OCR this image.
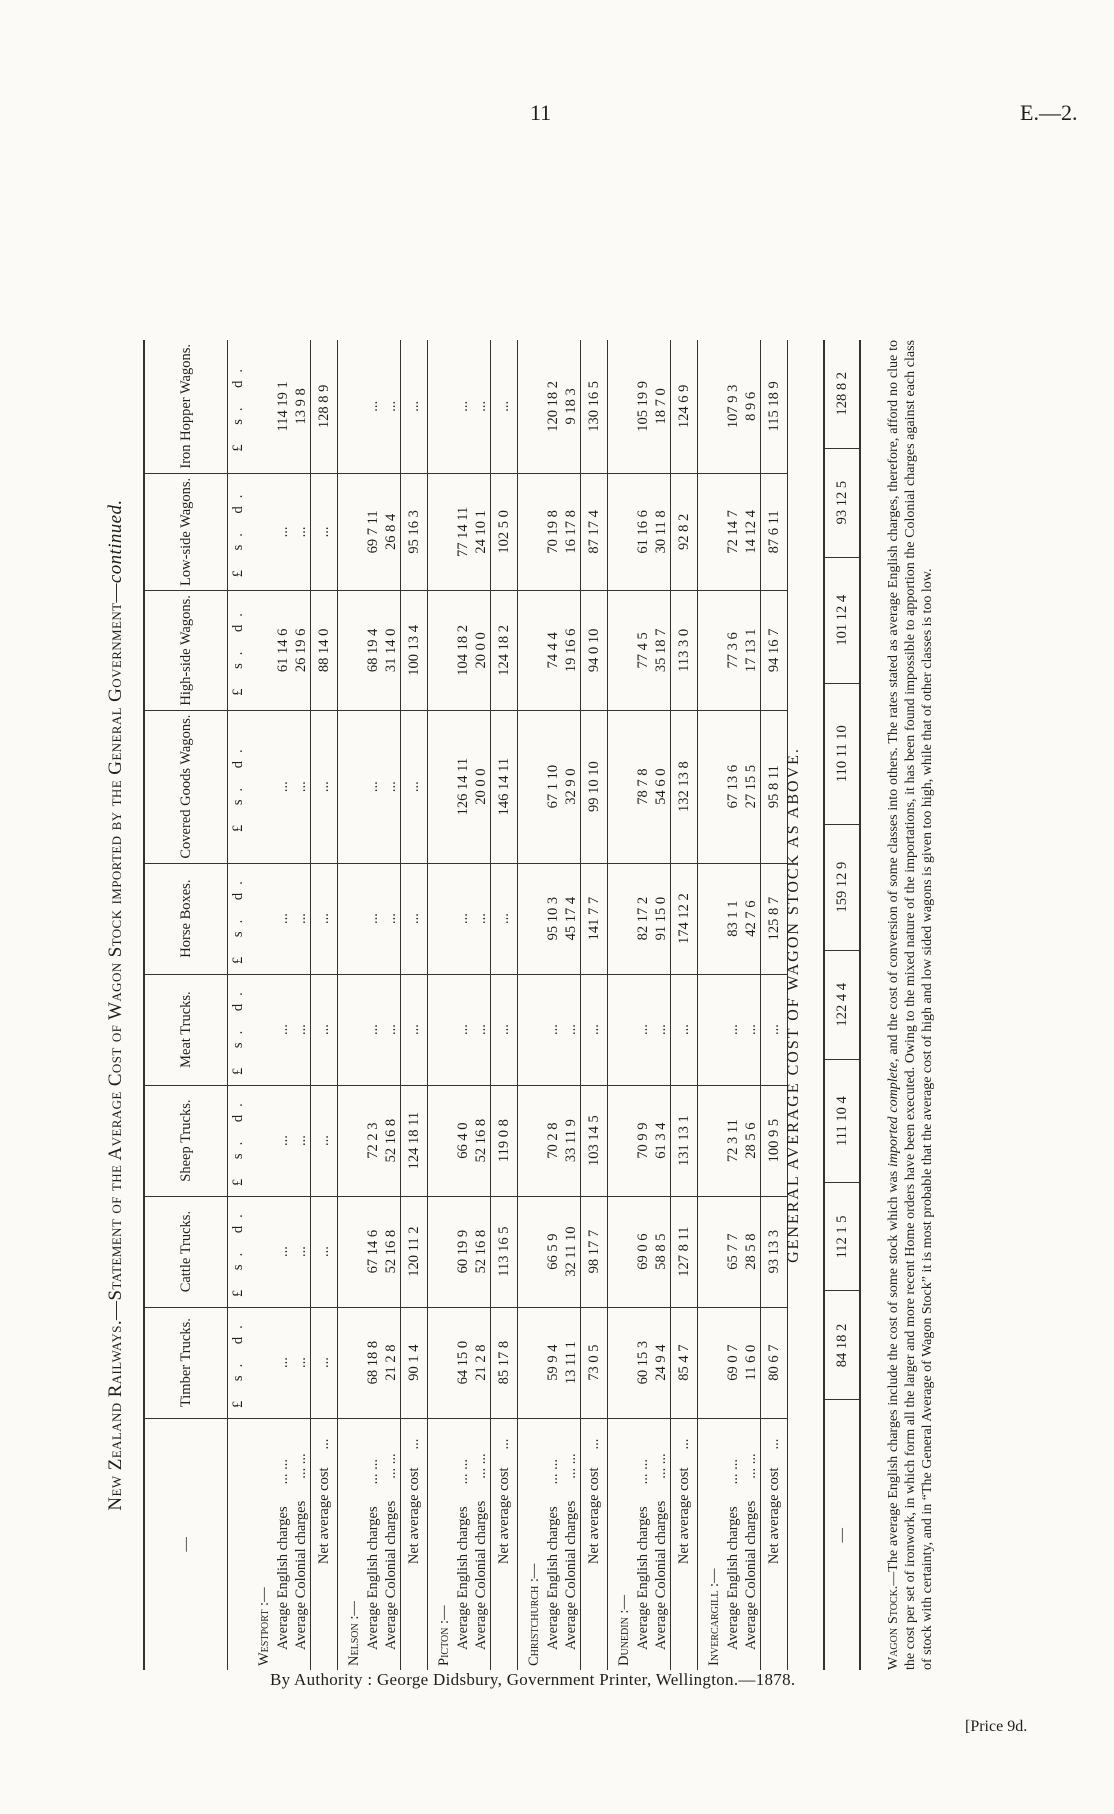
11	E.—2.
New Zealand Railways.—Statement of the Average Cost of Wagon Stock imported by the General Government—continued.
—	Timber Trucks.	Cattle Trucks.	Sheep Trucks.	Meat Trucks.	Horse Boxes.	Covered Goods Wagons.	High-side Wagons.	Low-side Wagons.	Iron Hopper Wagons.
	£ s. d.	£ s. d.	£ s. d.	£ s. d.	£ s. d.	£ s. d.	£ s. d.	£ s. d.	£ s. d.
Westport :—									
Average English charges... ...	...	...	...	...	...	...	61 14 6	...	114 19 1
Average Colonial charges... ...	...	...	...	...	...	...	26 19 6	...	13 9 8
Net average cost...	...	...	...	...	...	...	88 14 0	...	128 8 9
Nelson :—									
Average English charges... ...	68 18 8	67 14 6	72 2 3	...	...	...	68 19 4	69 7 11	...
Average Colonial charges... ...	21 2 8	52 16 8	52 16 8	...	...	...	31 14 0	26 8 4	...
Net average cost...	90 1 4	120 11 2	124 18 11	...	...	...	100 13 4	95 16 3	...
Picton :—									
Average English charges... ...	64 15 0	60 19 9	66 4 0	...	...	126 14 11	104 18 2	77 14 11	...
Average Colonial charges... ...	21 2 8	52 16 8	52 16 8	...	...	20 0 0	20 0 0	24 10 1	...
Net average cost...	85 17 8	113 16 5	119 0 8	...	...	146 14 11	124 18 2	102 5 0	...
Christchurch :—									
Average English charges... ...	59 9 4	66 5 9	70 2 8	...	95 10 3	67 1 10	74 4 4	70 19 8	120 18 2
Average Colonial charges... ...	13 11 1	32 11 10	33 11 9	...	45 17 4	32 9 0	19 16 6	16 17 8	9 18 3
Net average cost...	73 0 5	98 17 7	103 14 5	...	141 7 7	99 10 10	94 0 10	87 17 4	130 16 5
Dunedin :—									
Average English charges... ...	60 15 3	69 0 6	70 9 9	...	82 17 2	78 7 8	77 4 5	61 16 6	105 19 9
Average Colonial charges... ...	24 9 4	58 8 5	61 3 4	...	91 15 0	54 6 0	35 18 7	30 11 8	18 7 0
Net average cost...	85 4 7	127 8 11	131 13 1	...	174 12 2	132 13 8	113 3 0	92 8 2	124 6 9
Invercargill :—									
Average English charges... ...	69 0 7	65 7 7	72 3 11	...	83 1 1	67 13 6	77 3 6	72 14 7	107 9 3
Average Colonial charges... ...	11 6 0	28 5 8	28 5 6	...	42 7 6	27 15 5	17 13 1	14 12 4	8 9 6
Net average cost...	80 6 7	93 13 3	100 9 5	...	125 8 7	95 8 11	94 16 7	87 6 11	115 18 9
GENERAL AVERAGE COST OF WAGON STOCK AS ABOVE.
—	84 18 2	112 1 5	111 10 4	122 4 4	159 12 9	110 11 10	101 12 4	93 12 5	128 8 2
Wagon Stock.—The average English charges include the cost of some stock which was imported complete, and the cost of conversion of some classes into others. The rates stated as average English charges, therefore, afford no clue to the cost per set of ironwork, in which form all the larger and more recent Home orders have been executed. Owing to the mixed nature of the importations, it has been found impossible to apportion the Colonial charges against each class of stock with certainty, and in “The General Average of Wagon Stock” it is most probable that the average cost of high and low sided wagons is given too high, while that of other classes is too low.
By Authority : George Didsbury, Government Printer, Wellington.—1878.
[Price 9d.
